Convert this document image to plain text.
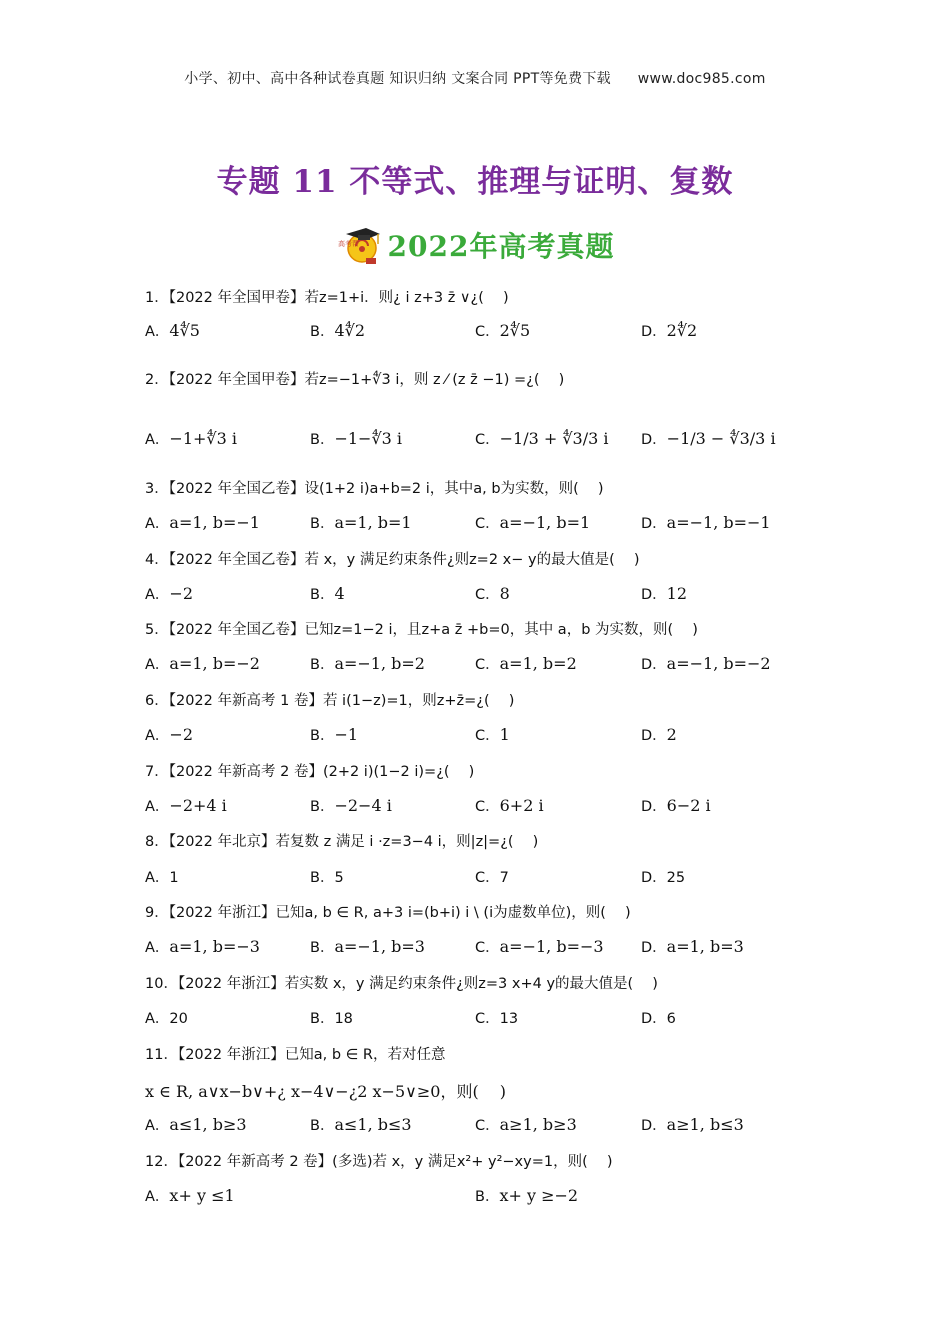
小学、初中、高中各种试卷真题 知识归纳 文案合同 PPT等免费下载 www.doc985.com
专题 11 不等式、推理与证明、复数
高考帮 2022年高考真题
1．【2022 年全国甲卷】若z=1+i．则¿ i z+3 z̄ ∨¿(　 )
A．4∜5	B．4∜2	C．2∜5	D．2∜2
2．【2022 年全国甲卷】若z=−1+∜3 i，则 z ⁄ (z z̄ −1) =¿(　 )
A．−1+∜3 i	B．−1−∜3 i	C．−1/3 + ∜3/3 i D．−1/3 − ∜3/3 i
3．【2022 年全国乙卷】设(1+2 i)a+b=2 i，其中a, b为实数，则(　 )
A．a=1, b=−1	B．a=1, b=1	C．a=−1, b=1	D．a=−1, b=−1
4．【2022 年全国乙卷】若 x，y 满足约束条件¿则z=2 x− y的最大值是(　 )
A．−2	B．4	C．8	D．12
5．【2022 年全国乙卷】已知z=1−2 i，且z+a z̄ +b=0，其中 a，b 为实数，则(　 )
A．a=1, b=−2	B．a=−1, b=2	C．a=1, b=2	D．a=−1, b=−2
6．【2022 年新高考 1 卷】若 i(1−z)=1，则z+z̄=¿(　 )
A．−2	B．−1	C．1	D．2
7．【2022 年新高考 2 卷】(2+2 i)(1−2 i)=¿(　 )
A．−2+4 i	B．−2−4 i	C．6+2 i	D．6−2 i
8．【2022 年北京】若复数 z 满足 i ·z=3−4 i，则|z|=¿(　 )
A．1	B．5	C．7	D．25
9．【2022 年浙江】已知a, b ∈ R, a+3 i=(b+i) i \ (i为虚数单位)，则(　 )
A．a=1, b=−3	B．a=−1, b=3	C．a=−1, b=−3	D．a=1, b=3
10．【2022 年浙江】若实数 x，y 满足约束条件¿则z=3 x+4 y的最大值是(　 )
A．20	B．18	C．13	D．6
11．【2022 年浙江】已知a, b ∈ R，若对任意
x ∈ R, a∨x−b∨+¿ x−4∨−¿2 x−5∨≥0，则(　 )
A．a≤1, b≥3	B．a≤1, b≤3	C．a≥1, b≥3	D．a≥1, b≤3
12．【2022 年新高考 2 卷】(多选)若 x，y 满足x²+ y²−xy=1，则(　 )
A．x+ y ≤1	B．x+ y ≥−2
